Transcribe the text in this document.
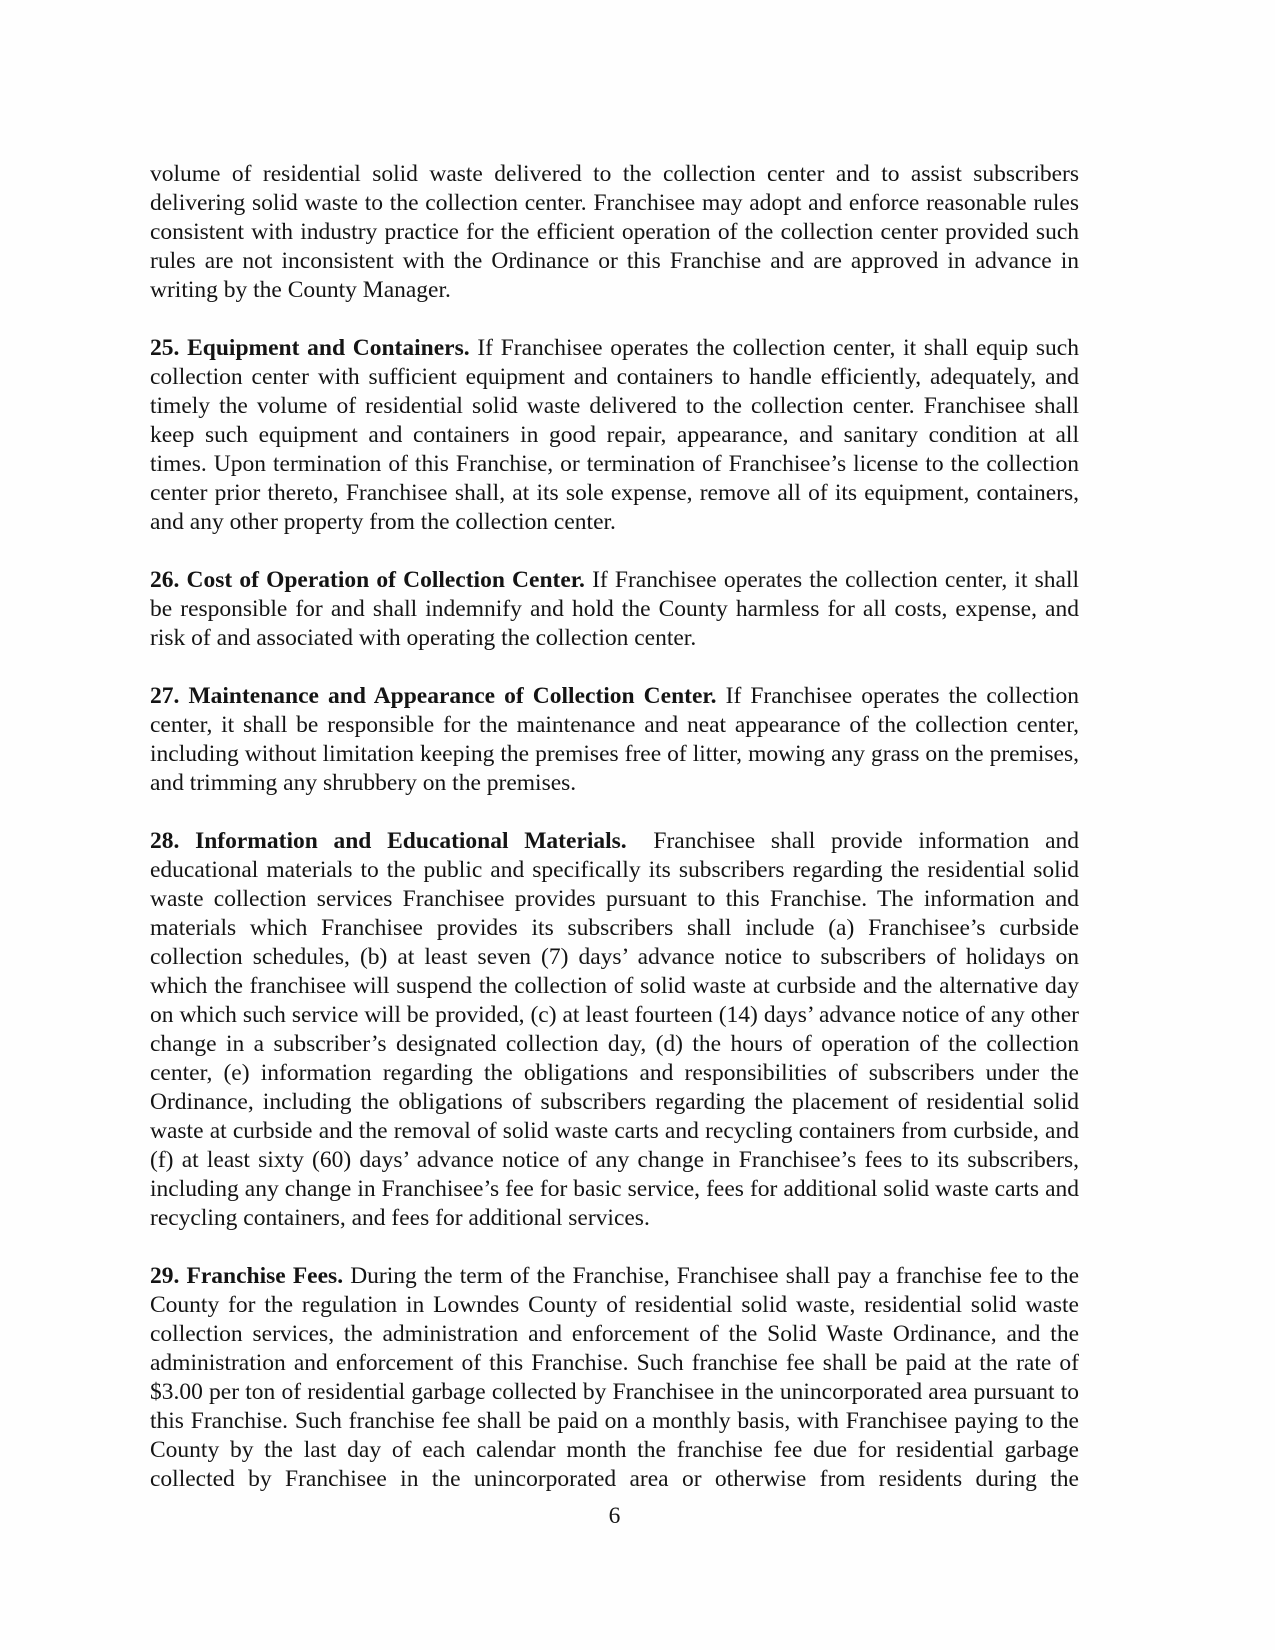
volume of residential solid waste delivered to the collection center and to assist subscribers delivering solid waste to the collection center. Franchisee may adopt and enforce reasonable rules consistent with industry practice for the efficient operation of the collection center provided such rules are not inconsistent with the Ordinance or this Franchise and are approved in advance in writing by the County Manager.

25. Equipment and Containers. If Franchisee operates the collection center, it shall equip such collection center with sufficient equipment and containers to handle efficiently, adequately, and timely the volume of residential solid waste delivered to the collection center. Franchisee shall keep such equipment and containers in good repair, appearance, and sanitary condition at all times. Upon termination of this Franchise, or termination of Franchisee’s license to the collection center prior thereto, Franchisee shall, at its sole expense, remove all of its equipment, containers, and any other property from the collection center.

26. Cost of Operation of Collection Center. If Franchisee operates the collection center, it shall be responsible for and shall indemnify and hold the County harmless for all costs, expense, and risk of and associated with operating the collection center.

27. Maintenance and Appearance of Collection Center. If Franchisee operates the collection center, it shall be responsible for the maintenance and neat appearance of the collection center, including without limitation keeping the premises free of litter, mowing any grass on the premises, and trimming any shrubbery on the premises.

28. Information and Educational Materials. Franchisee shall provide information and educational materials to the public and specifically its subscribers regarding the residential solid waste collection services Franchisee provides pursuant to this Franchise. The information and materials which Franchisee provides its subscribers shall include (a) Franchisee’s curbside collection schedules, (b) at least seven (7) days’ advance notice to subscribers of holidays on which the franchisee will suspend the collection of solid waste at curbside and the alternative day on which such service will be provided, (c) at least fourteen (14) days’ advance notice of any other change in a subscriber’s designated collection day, (d) the hours of operation of the collection center, (e) information regarding the obligations and responsibilities of subscribers under the Ordinance, including the obligations of subscribers regarding the placement of residential solid waste at curbside and the removal of solid waste carts and recycling containers from curbside, and (f) at least sixty (60) days’ advance notice of any change in Franchisee’s fees to its subscribers, including any change in Franchisee’s fee for basic service, fees for additional solid waste carts and recycling containers, and fees for additional services.

29. Franchise Fees. During the term of the Franchise, Franchisee shall pay a franchise fee to the County for the regulation in Lowndes County of residential solid waste, residential solid waste collection services, the administration and enforcement of the Solid Waste Ordinance, and the administration and enforcement of this Franchise. Such franchise fee shall be paid at the rate of $3.00 per ton of residential garbage collected by Franchisee in the unincorporated area pursuant to this Franchise. Such franchise fee shall be paid on a monthly basis, with Franchisee paying to the County by the last day of each calendar month the franchise fee due for residential garbage collected by Franchisee in the unincorporated area or otherwise from residents during the

6
